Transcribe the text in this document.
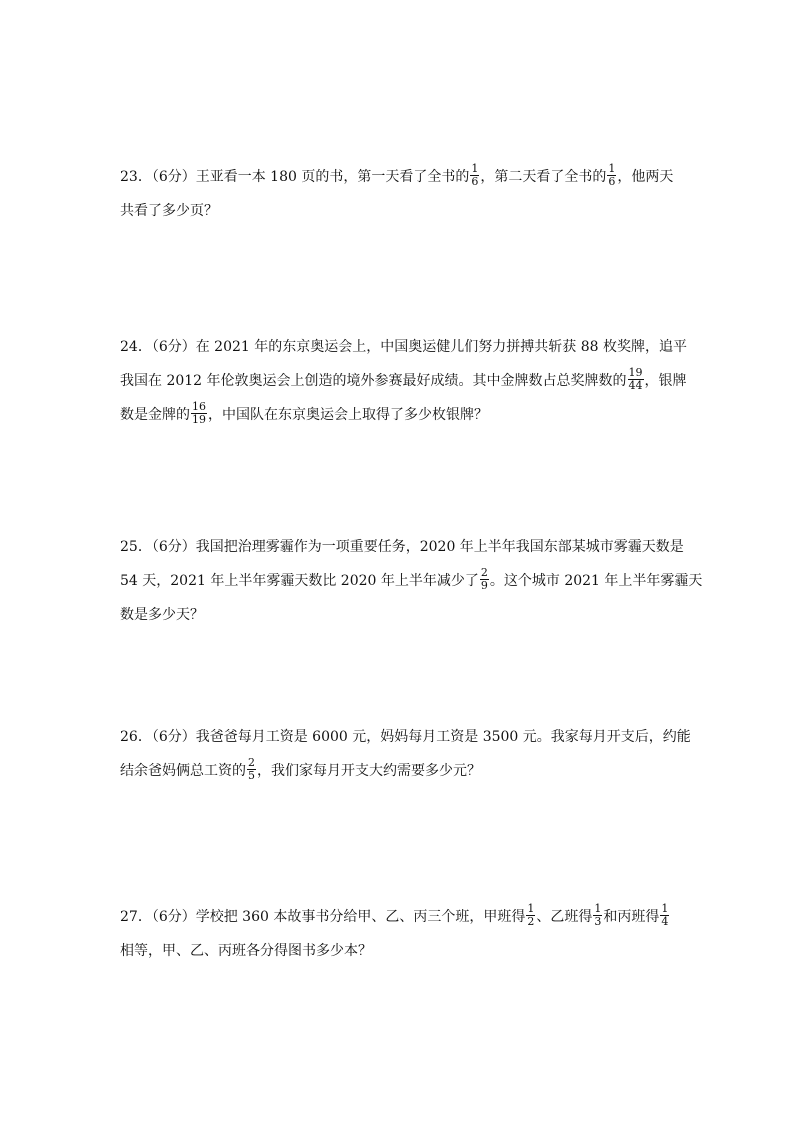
23．（6分）王亚看一本 180 页的书，第一天看了全书的 $\frac{1}{6}$ ，第二天看了全书的 $\frac{1}{6}$ ，他两天
共看了多少页？
24．（6分）在 2021 年的东京奥运会上，中国奥运健儿们努力拼搏共斩获 88 枚奖牌，追平
我国在 2012 年伦敦奥运会上创造的境外参赛最好成绩。其中金牌数占总奖牌数的 $\frac{19}{44}$ ，银牌
数是金牌的 $\frac{16}{19}$ ，中国队在东京奥运会上取得了多少枚银牌？
25．（6分）我国把治理雾霾作为一项重要任务，2020 年上半年我国东部某城市雾霾天数是
54 天，2021 年上半年雾霾天数比 2020 年上半年减少了 $\frac{2}{9}$ 。这个城市 2021 年上半年雾霾天
数是多少天？
26．（6分）我爸爸每月工资是 6000 元，妈妈每月工资是 3500 元。我家每月开支后，约能
结余爸妈俩总工资的 $\frac{2}{5}$ ，我们家每月开支大约需要多少元？
27．（6分）学校把 360 本故事书分给甲、乙、丙三个班，甲班得 $\frac{1}{2}$ 、乙班得 $\frac{1}{3}$ 和丙班得 $\frac{1}{4}$
相等，甲、乙、丙班各分得图书多少本？
